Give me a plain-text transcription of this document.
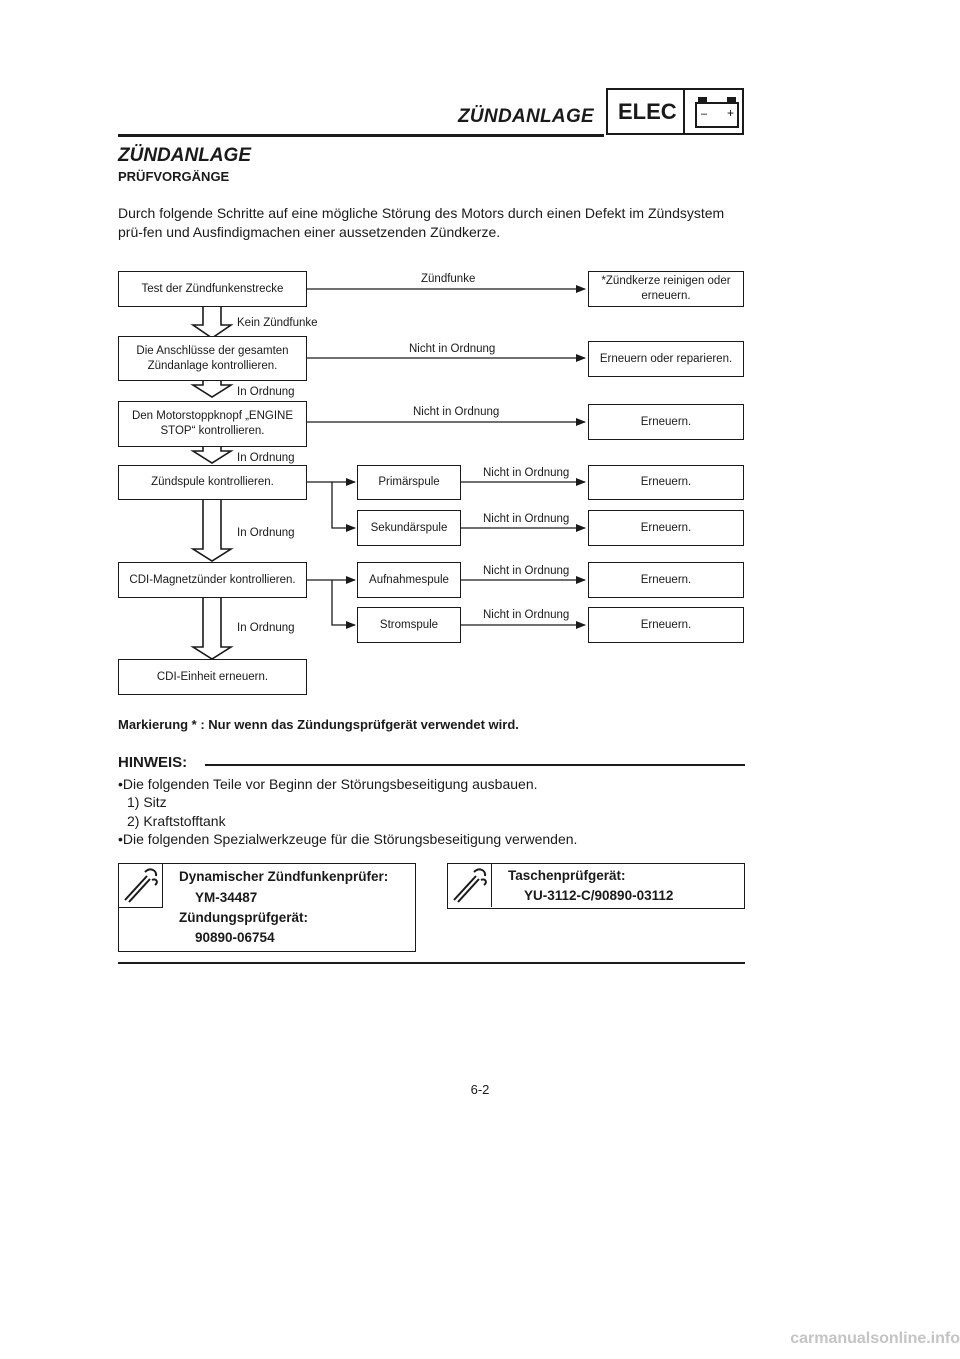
ZÜNDANLAGE ELEC – +
ZÜNDANLAGE
PRÜFVORGÄNGE
Durch folgende Schritte auf eine mögliche Störung des Motors durch einen Defekt im Zündsystem prü-fen und Ausfindigmachen einer aussetzenden Zündkerze.
Test der Zündfunkenstrecke
Die Anschlüsse der gesamten
Zündanlage kontrollieren.
Den Motorstoppknopf „ENGINE
STOP“ kontrollieren.
Zündspule kontrollieren.
CDI-Magnetzünder kontrollieren.
CDI-Einheit erneuern.
Kein Zündfunke
In Ordnung
In Ordnung
In Ordnung
In Ordnung
Primärspule
Sekundärspule
Aufnahmespule
Stromspule
Zündfunke
Nicht in Ordnung
Nicht in Ordnung
Nicht in Ordnung
Nicht in Ordnung
Nicht in Ordnung
Nicht in Ordnung
*Zündkerze reinigen oder
erneuern.
Erneuern oder reparieren.
Erneuern.
Erneuern.
Erneuern.
Erneuern.
Erneuern.
Markierung * : Nur wenn das Zündungsprüfgerät verwendet wird.
HINWEIS:
•Die folgenden Teile vor Beginn der Störungsbeseitigung ausbauen.
1) Sitz
2) Kraftstofftank
•Die folgenden Spezialwerkzeuge für die Störungsbeseitigung verwenden.
Dynamischer Zündfunkenprüfer:
YM-34487
Zündungsprüfgerät:
90890-06754
Taschenprüfgerät:
YU-3112-C/90890-03112
6-2
carmanualsonline.info
